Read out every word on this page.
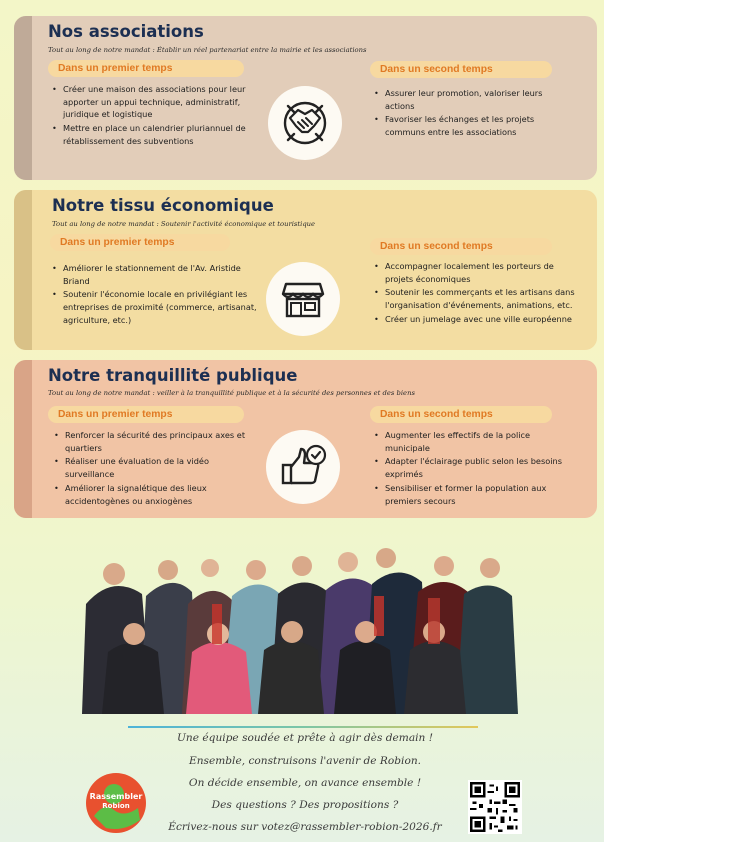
Nos associations

Tout au long de notre mandat : Établir un réel partenariat entre la mairie et les associations

Dans un premier temps
• Créer une maison des associations pour leur apporter un appui technique, administratif, juridique et logistique
• Mettre en place un calendrier pluriannuel de rétablissement des subventions
Dans un second temps
• Assurer leur promotion, valoriser leurs actions
• Favoriser les échanges et les projets communs entre les associations
Notre tissu économique

Tout au long de notre mandat : Soutenir l'activité économique et touristique

Dans un premier temps
• Améliorer le stationnement de l'Av. Aristide Briand
• Soutenir l'économie locale en privilégiant les entreprises de proximité (commerce, artisanat, agriculture, etc.)
Dans un second temps
• Accompagner localement les porteurs de projets économiques
• Soutenir les commerçants et les artisans dans l'organisation d'événements, animations, etc.
• Créer un jumelage avec une ville européenne
Notre tranquillité publique

Tout au long de notre mandat : veiller à la tranquillité publique et à la sécurité des personnes et des biens

Dans un premier temps
• Renforcer la sécurité des principaux axes et quartiers
• Réaliser une évaluation de la vidéo surveillance
• Améliorer la signalétique des lieux accidentogènes ou anxiogènes
Dans un second temps
• Augmenter les effectifs de la police municipale
• Adapter l'éclairage public selon les besoins exprimés
• Sensibiliser et former la population aux premiers secours
Une équipe soudée et prête à agir dès demain !
Ensemble, construisons l'avenir de Robion.
On décide ensemble, on avance ensemble !
Des questions ? Des propositions ?
Écrivez-nous sur votez@rassembler-robion-2026.fr
Rassembler
Robion
